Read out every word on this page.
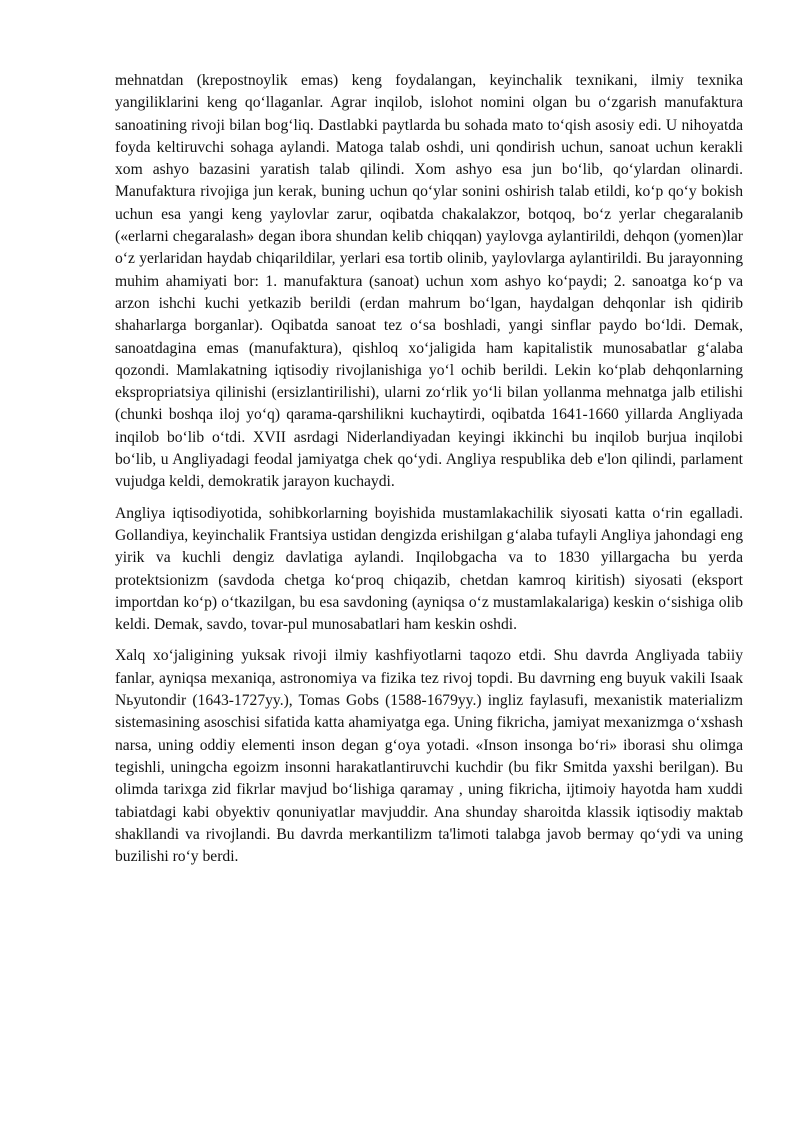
mehnatdan (krepostnoylik emas) keng foydalangan, keyinchalik texnikani, ilmiy texnika yangiliklarini keng qo‘llaganlar. Agrar inqilob, islohot nomini olgan bu o‘zgarish manufaktura sanoatining rivoji bilan bog‘liq. Dastlabki paytlarda bu sohada mato to‘qish asosiy edi. U nihoyatda foyda keltiruvchi sohaga aylandi. Matoga talab oshdi, uni qondirish uchun, sanoat uchun kerakli xom ashyo bazasini yaratish talab qilindi. Xom ashyo esa jun bo‘lib, qo‘ylardan olinardi. Manufaktura rivojiga jun kerak, buning uchun qo‘ylar sonini oshirish talab etildi, ko‘p qo‘y bokish uchun esa yangi keng yaylovlar zarur, oqibatda chakalakzor, botqoq, bo‘z yerlar chegaralanib («erlarni chegaralash» degan ibora shundan kelib chiqqan) yaylovga aylantirildi, dehqon (yomen)lar o‘z yerlaridan haydab chiqarildilar, yerlari esa tortib olinib, yaylovlarga aylantirildi. Bu jarayonning muhim ahamiyati bor: 1. manufaktura (sanoat) uchun xom ashyo ko‘paydi; 2. sanoatga ko‘p va arzon ishchi kuchi yetkazib berildi (erdan mahrum bo‘lgan, haydalgan dehqonlar ish qidirib shaharlarga borganlar). Oqibatda sanoat tez o‘sa boshladi, yangi sinflar paydo bo‘ldi. Demak, sanoatdagina emas (manufaktura), qishloq xo‘jaligida ham kapitalistik munosabatlar g‘alaba qozondi. Mamlakatning iqtisodiy rivojlanishiga yo‘l ochib berildi. Lekin ko‘plab dehqonlarning ekspropriatsiya qilinishi (ersizlantirilishi), ularni zo‘rlik yo‘li bilan yollanma mehnatga jalb etilishi (chunki boshqa iloj yo‘q) qarama-qarshilikni kuchaytirdi, oqibatda 1641-1660 yillarda Angliyada inqilob bo‘lib o‘tdi. XVII asrdagi Niderlandiyadan keyingi ikkinchi bu inqilob burjua inqilobi bo‘lib, u Angliyadagi feodal jamiyatga chek qo‘ydi. Angliya respublika deb e'lon qilindi, parlament vujudga keldi, demokratik jarayon kuchaydi.

Angliya iqtisodiyotida, sohibkorlarning boyishida mustamlakachilik siyosati katta o‘rin egalladi. Gollandiya, keyinchalik Frantsiya ustidan dengizda erishilgan g‘alaba tufayli Angliya jahondagi eng yirik va kuchli dengiz davlatiga aylandi. Inqilobgacha va to 1830 yillargacha bu yerda protektsionizm (savdoda chetga ko‘proq chiqazib, chetdan kamroq kiritish) siyosati (eksport importdan ko‘p) o‘tkazilgan, bu esa savdoning (ayniqsa o‘z mustamlakalariga) keskin o‘sishiga olib keldi. Demak, savdo, tovar-pul munosabatlari ham keskin oshdi.

Xalq xo‘jaligining yuksak rivoji ilmiy kashfiyotlarni taqozo etdi. Shu davrda Angliyada tabiiy fanlar, ayniqsa mexaniqa, astronomiya va fizika tez rivoj topdi. Bu davrning eng buyuk vakili Isaak Nьyutondir (1643-1727yy.), Tomas Gobs (1588-1679yy.) ingliz faylasufi, mexanistik materializm sistemasining asoschisi sifatida katta ahamiyatga ega. Uning fikricha, jamiyat mexanizmga o‘xshash narsa, uning oddiy elementi inson degan g‘oya yotadi. «Inson insonga bo‘ri» iborasi shu olimga tegishli, uningcha egoizm insonni harakatlantiruvchi kuchdir (bu fikr Smitda yaxshi berilgan). Bu olimda tarixga zid fikrlar mavjud bo‘lishiga qaramay , uning fikricha, ijtimoiy hayotda ham xuddi tabiatdagi kabi obyektiv qonuniyatlar mavjuddir. Ana shunday sharoitda klassik iqtisodiy maktab shakllandi va rivojlandi. Bu davrda merkantilizm ta'limoti talabga javob bermay qo‘ydi va uning buzilishi ro‘y berdi.
